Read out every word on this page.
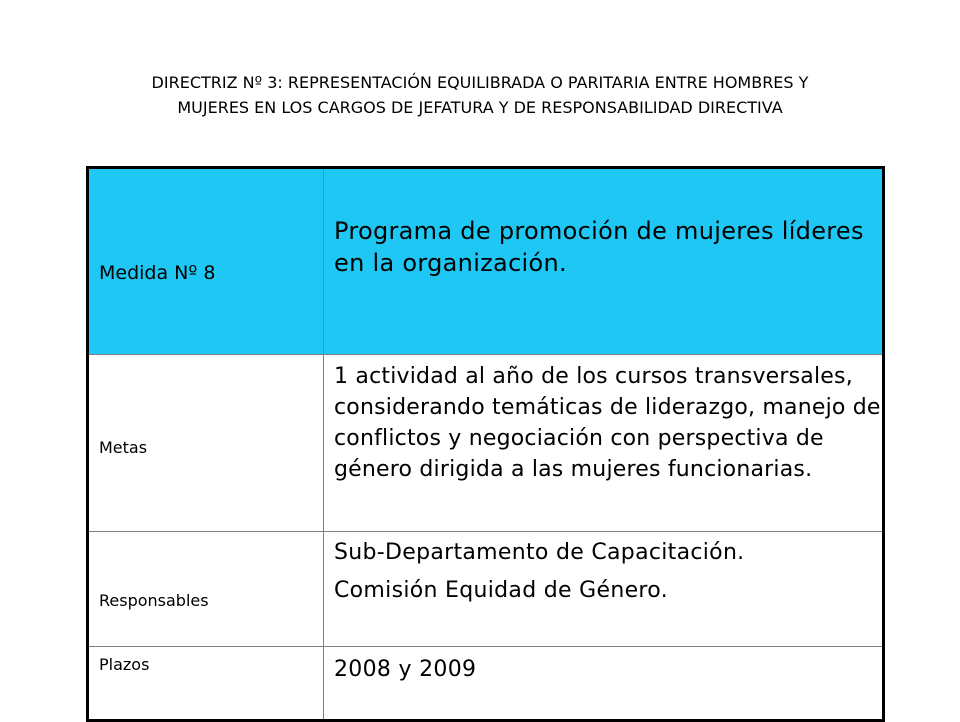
DIRECTRIZ Nº 3: REPRESENTACIÓN EQUILIBRADA O PARITARIA ENTRE HOMBRES Y
MUJERES EN LOS CARGOS DE JEFATURA Y DE RESPONSABILIDAD DIRECTIVA
Medida Nº 8	Programa de promoción de mujeres líderes en la organización.

Metas	1 actividad al año de los cursos transversales, considerando temáticas de liderazgo, manejo de conflictos y negociación con perspectiva de género dirigida a las mujeres funcionarias.

Responsables	Sub-Departamento de Capacitación.
Comisión Equidad de Género.

Plazos	2008 y 2009
